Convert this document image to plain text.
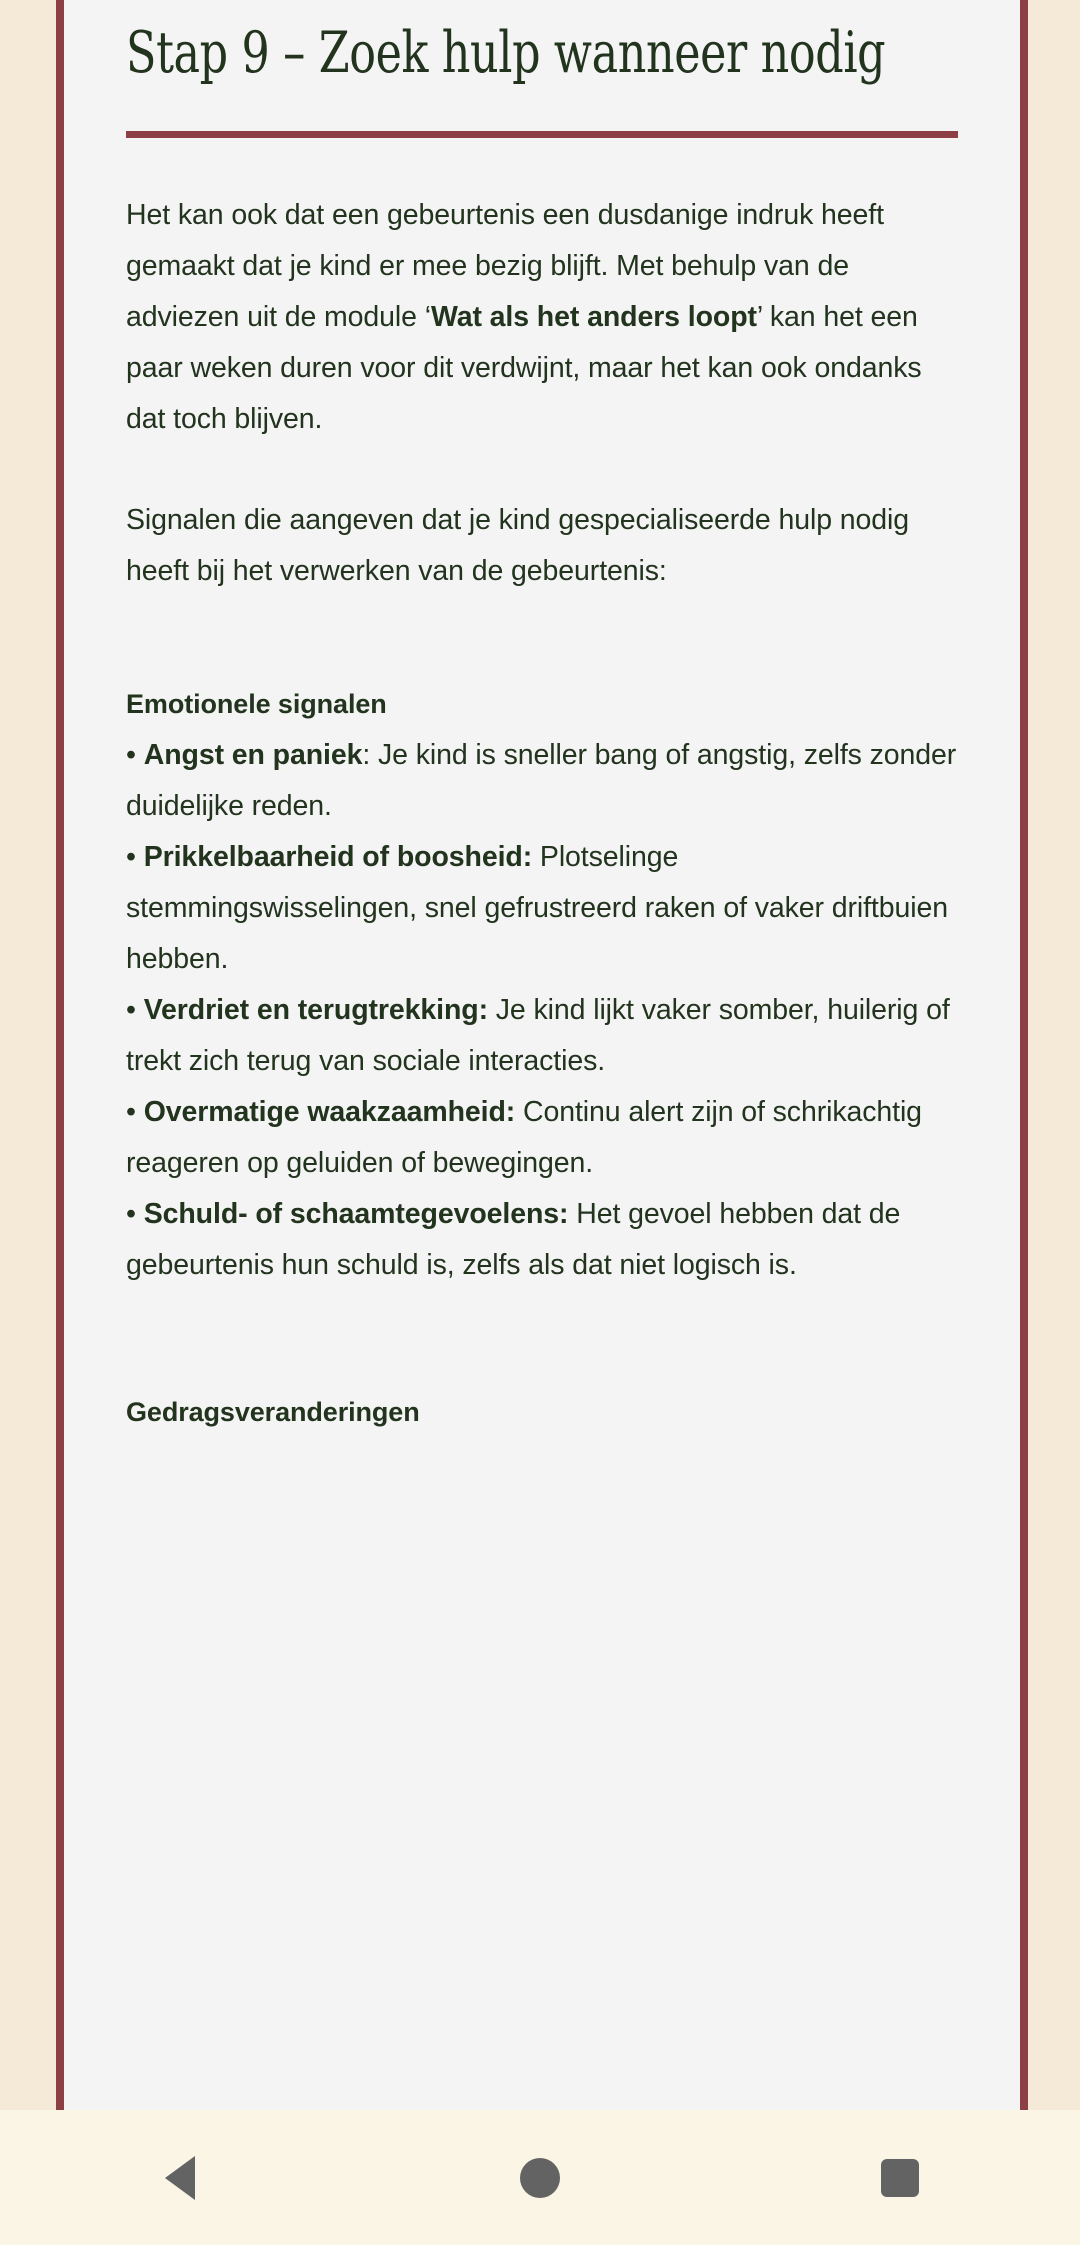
Stap 9 – Zoek hulp wanneer nodig

Het kan ook dat een gebeurtenis een dusdanige indruk heeft gemaakt dat je kind er mee bezig blijft. Met behulp van de adviezen uit de module ‘Wat als het anders loopt’ kan het een paar weken duren voor dit verdwijnt, maar het kan ook ondanks dat toch blijven.

Signalen die aangeven dat je kind gespecialiseerde hulp nodig heeft bij het verwerken van de gebeurtenis:

Emotionele signalen

• Angst en paniek: Je kind is sneller bang of angstig, zelfs zonder duidelijke reden.

• Prikkelbaarheid of boosheid: Plotselinge stemmingswisselingen, snel gefrustreerd raken of vaker driftbuien hebben.

• Verdriet en terugtrekking: Je kind lijkt vaker somber, huilerig of trekt zich terug van sociale interacties.

• Overmatige waakzaamheid: Continu alert zijn of schrikachtig reageren op geluiden of bewegingen.

• Schuld- of schaamtegevoelens: Het gevoel hebben dat de gebeurtenis hun schuld is, zelfs als dat niet logisch is.

Gedragsveranderingen
